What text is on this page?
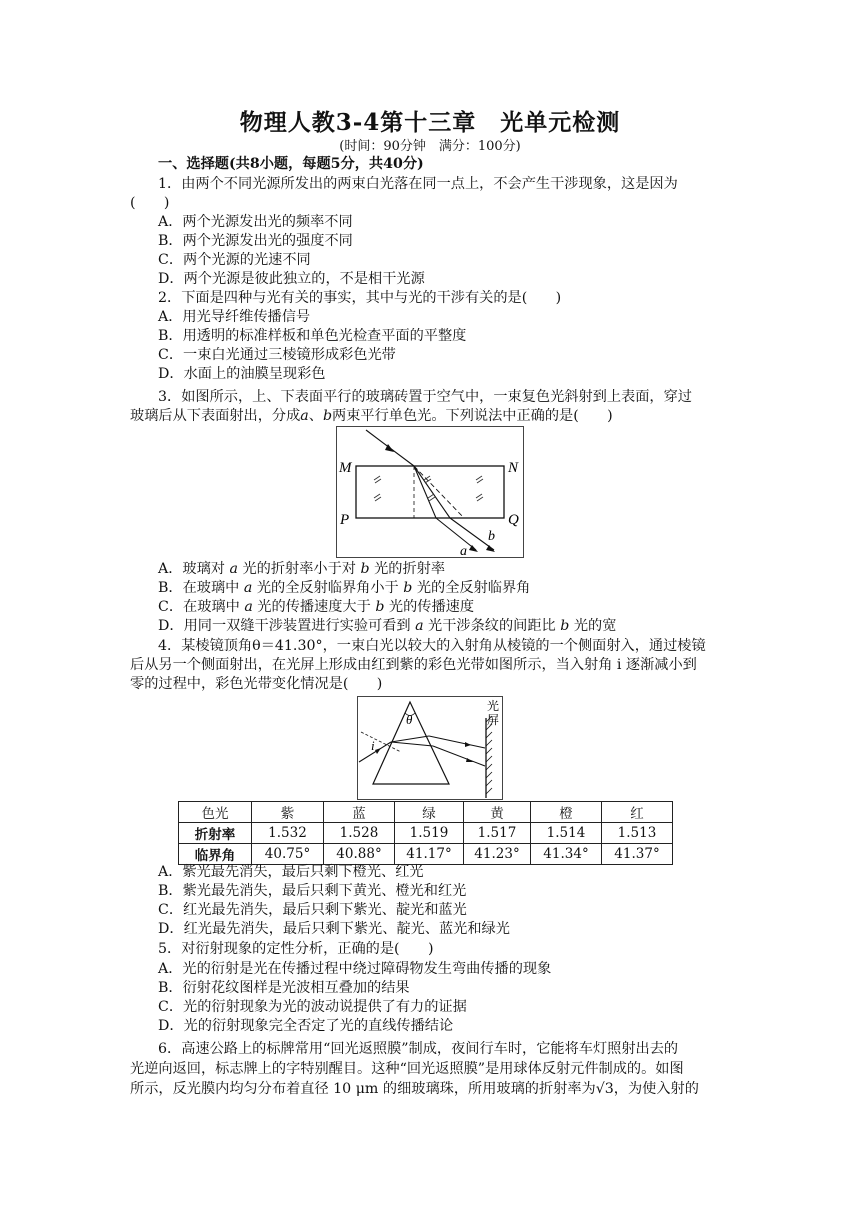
物理人教3-4第十三章　光单元检测
(时间：90分钟　满分：100分)
一、选择题(共8小题，每题5分，共40分)
1．由两个不同光源所发出的两束白光落在同一点上，不会产生干涉现象，这是因为
(　　)
A．两个光源发出光的频率不同
B．两个光源发出光的强度不同
C．两个光源的光速不同
D．两个光源是彼此独立的，不是相干光源
2．下面是四种与光有关的事实，其中与光的干涉有关的是(　　)
A．用光导纤维传播信号
B．用透明的标准样板和单色光检查平面的平整度
C．一束白光通过三棱镜形成彩色光带
D．水面上的油膜呈现彩色
3．如图所示，上、下表面平行的玻璃砖置于空气中，一束复色光斜射到上表面，穿过
玻璃后从下表面射出，分成a、b两束平行单色光。下列说法中正确的是(　　)
M	N
P	Q
a
b
A．玻璃对 a 光的折射率小于对 b 光的折射率
B．在玻璃中 a 光的全反射临界角小于 b 光的全反射临界角
C．在玻璃中 a 光的传播速度大于 b 光的传播速度
D．用同一双缝干涉装置进行实验可看到 a 光干涉条纹的间距比 b 光的宽
4．某棱镜顶角θ＝41.30°，一束白光以较大的入射角从棱镜的一个侧面射入，通过棱镜
后从另一个侧面射出，在光屏上形成由红到紫的彩色光带如图所示，当入射角 i 逐渐减小到
零的过程中，彩色光带变化情况是(　　)
θ
i
光
屏
色光	紫	蓝	绿	黄	橙	红
折射率	1.532	1.528	1.519	1.517	1.514	1.513
临界角	40.75°	40.88°	41.17°	41.23°	41.34°	41.37°
A．紫光最先消失，最后只剩下橙光、红光
B．紫光最先消失，最后只剩下黄光、橙光和红光
C．红光最先消失，最后只剩下紫光、靛光和蓝光
D．红光最先消失，最后只剩下紫光、靛光、蓝光和绿光
5．对衍射现象的定性分析，正确的是(　　)
A．光的衍射是光在传播过程中绕过障碍物发生弯曲传播的现象
B．衍射花纹图样是光波相互叠加的结果
C．光的衍射现象为光的波动说提供了有力的证据
D．光的衍射现象完全否定了光的直线传播结论
6．高速公路上的标牌常用“回光返照膜”制成，夜间行车时，它能将车灯照射出去的
光逆向返回，标志牌上的字特别醒目。这种“回光返照膜”是用球体反射元件制成的。如图
所示，反光膜内均匀分布着直径 10 μm 的细玻璃珠，所用玻璃的折射率为√3，为使入射的
